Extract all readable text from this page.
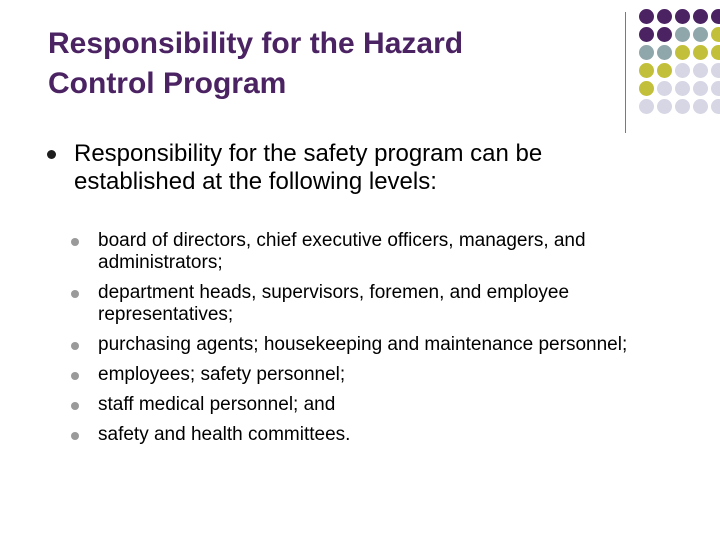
Responsibility for the Hazard
Control Program
Responsibility for the safety program can be established at the following levels:
board of directors, chief executive officers, managers, and administrators;
department heads, supervisors, foremen, and employee representatives;
purchasing agents; housekeeping and maintenance personnel;
employees; safety personnel;
staff medical personnel; and
safety and health committees.
